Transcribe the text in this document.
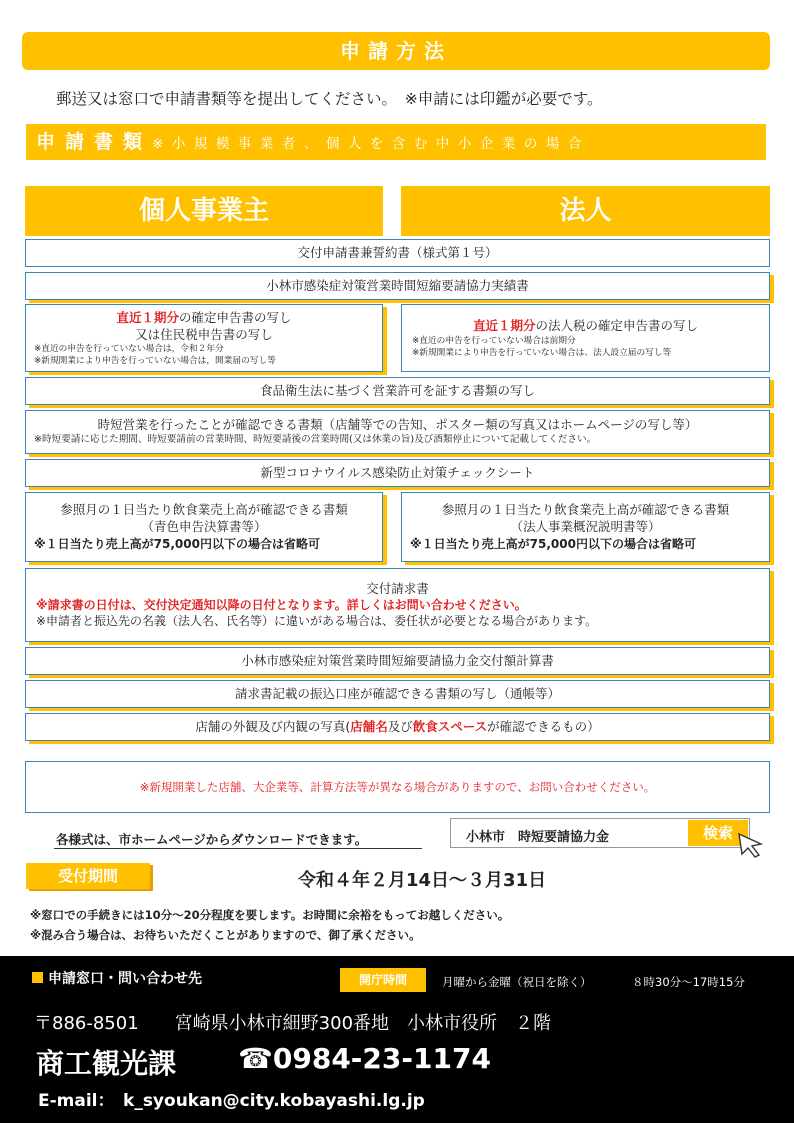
申請方法
郵送又は窓口で申請書類等を提出してください。　※申請には印鑑が必要です。
申請書類※小規模事業者、個人を含む中小企業の場合
個人事業主	法人
交付申請書兼誓約書（様式第１号）
小林市感染症対策営業時間短縮要請協力実績書
直近１期分の確定申告書の写し
又は住民税申告書の写し
※直近の申告を行っていない場合は，令和２年分
※新規開業により申告を行っていない場合は，開業届の写し等
直近１期分の法人税の確定申告書の写し
※直近の申告を行っていない場合は前期分
※新規開業により申告を行っていない場合は、法人設立届の写し等
食品衛生法に基づく営業許可を証する書類の写し
時短営業を行ったことが確認できる書類（店舗等での告知、ポスター類の写真又はホームページの写し等）
※時短要請に応じた期間、時短要請前の営業時間、時短要請後の営業時間(又は休業の旨)及び酒類停止について記載してください。
新型コロナウイルス感染防止対策チェックシート
参照月の１日当たり飲食業売上高が確認できる書類
（青色申告決算書等）
※１日当たり売上高が75,000円以下の場合は省略可
参照月の１日当たり飲食業売上高が確認できる書類
（法人事業概況説明書等）
※１日当たり売上高が75,000円以下の場合は省略可
交付請求書
※請求書の日付は、交付決定通知以降の日付となります。詳しくはお問い合わせください。
※申請者と振込先の名義（法人名、氏名等）に違いがある場合は、委任状が必要となる場合があります。
小林市感染症対策営業時間短縮要請協力金交付額計算書
請求書記載の振込口座が確認できる書類の写し（通帳等）
店舗の外観及び内観の写真(店舗名及び飲食スペースが確認できるもの）
※新規開業した店舗、大企業等、計算方法等が異なる場合がありますので、お問い合わせください。
各様式は、市ホームページからダウンロードできます。	小林市　時短要請協力金	検索
受付期間	令和４年２月14日～３月31日
※窓口での手続きには10分～20分程度を要します。お時間に余裕をもってお越しください。
※混み合う場合は、お待ちいただくことがありますので、御了承ください。
申請窓口・問い合わせ先	開庁時間	月曜から金曜（祝日を除く）	８時30分～17時15分
〒886-8501　　宮崎県小林市細野300番地　小林市役所　２階
商工観光課 ☎0984-23-1174
E-mail：　k_syoukan@city.kobayashi.lg.jp
